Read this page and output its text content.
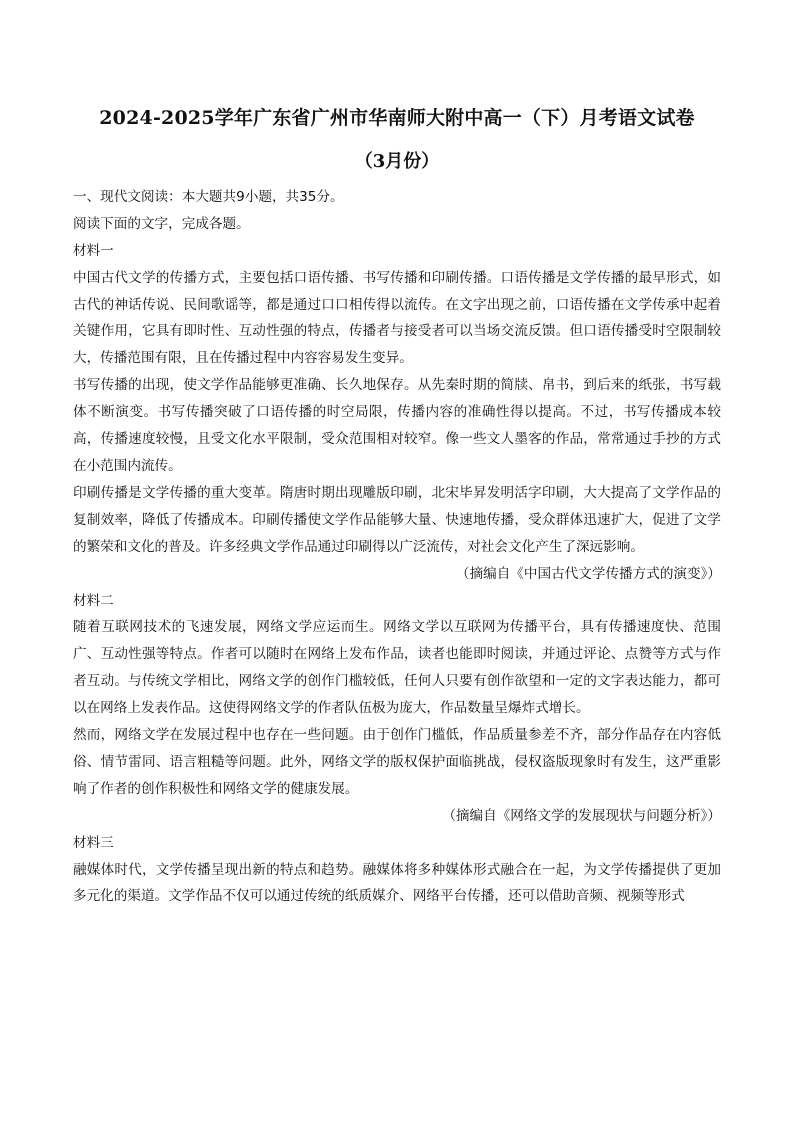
2024-2025学年广东省广州市华南师大附中高一（下）月考语文试卷
（3月份）
一、现代文阅读：本大题共9小题，共35分。
阅读下面的文字，完成各题。
材料一

中国古代文学的传播方式，主要包括口语传播、书写传播和印刷传播。口语传播是文学传播的最早形式，如古代的神话传说、民间歌谣等，都是通过口口相传得以流传。在文字出现之前，口语传播在文学传承中起着关键作用，它具有即时性、互动性强的特点，传播者与接受者可以当场交流反馈。但口语传播受时空限制较大，传播范围有限，且在传播过程中内容容易发生变异。

书写传播的出现，使文学作品能够更准确、长久地保存。从先秦时期的简牍、帛书，到后来的纸张，书写载体不断演变。书写传播突破了口语传播的时空局限，传播内容的准确性得以提高。不过，书写传播成本较高，传播速度较慢，且受文化水平限制，受众范围相对较窄。像一些文人墨客的作品，常常通过手抄的方式在小范围内流传。

印刷传播是文学传播的重大变革。隋唐时期出现雕版印刷，北宋毕昇发明活字印刷，大大提高了文学作品的复制效率，降低了传播成本。印刷传播使文学作品能够大量、快速地传播，受众群体迅速扩大，促进了文学的繁荣和文化的普及。许多经典文学作品通过印刷得以广泛流传，对社会文化产生了深远影响。

（摘编自《中国古代文学传播方式的演变》）
材料二

随着互联网技术的飞速发展，网络文学应运而生。网络文学以互联网为传播平台，具有传播速度快、范围广、互动性强等特点。作者可以随时在网络上发布作品，读者也能即时阅读，并通过评论、点赞等方式与作者互动。与传统文学相比，网络文学的创作门槛较低，任何人只要有创作欲望和一定的文字表达能力，都可以在网络上发表作品。这使得网络文学的作者队伍极为庞大，作品数量呈爆炸式增长。

然而，网络文学在发展过程中也存在一些问题。由于创作门槛低，作品质量参差不齐，部分作品存在内容低俗、情节雷同、语言粗糙等问题。此外，网络文学的版权保护面临挑战，侵权盗版现象时有发生，这严重影响了作者的创作积极性和网络文学的健康发展。

（摘编自《网络文学的发展现状与问题分析》）
材料三

融媒体时代，文学传播呈现出新的特点和趋势。融媒体将多种媒体形式融合在一起，为文学传播提供了更加多元化的渠道。文学作品不仅可以通过传统的纸质媒介、网络平台传播，还可以借助音频、视频等形式
